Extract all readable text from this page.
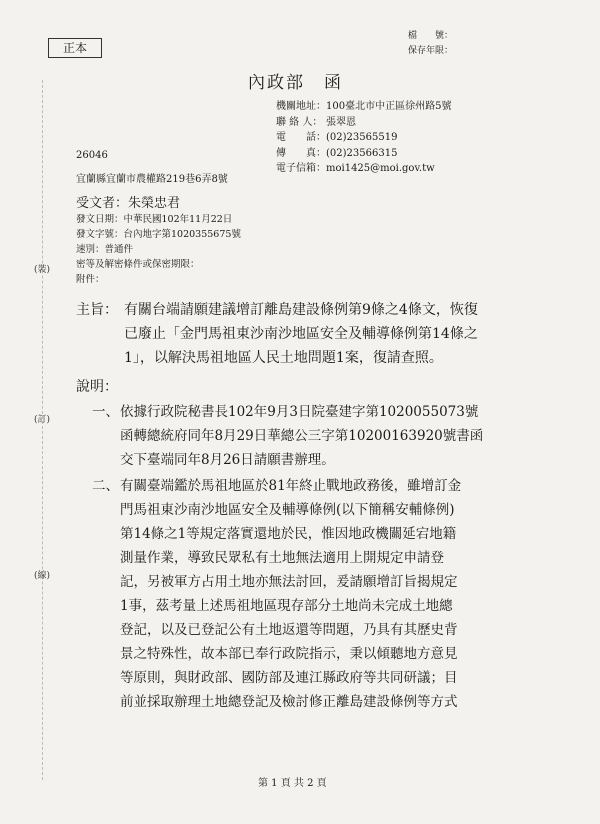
正本
檔　　號：
保存年限：
內政部　函
機關地址：100臺北市中正區徐州路5號
聯 絡 人： 張翠恩
電　　話：(02)23565519
傳　　真：(02)23566315
電子信箱：moi1425@moi.gov.tw
26046
宜蘭縣宜蘭市農權路219巷6弄8號
受文者：朱榮忠君
發文日期：中華民國102年11月22日
發文字號：台內地字第1020355675號
速別：普通件
密等及解密條件或保密期限：
附件：
(裝)
(訂)
(線)
主旨： 有關台端請願建議增訂離島建設條例第9條之4條文，恢復
已廢止「金門馬祖東沙南沙地區安全及輔導條例第14條之
1」，以解決馬祖地區人民土地問題1案，復請查照。
說明：
一、 依據行政院秘書長102年9月3日院臺建字第1020055073號
函轉總統府同年8月29日華總公三字第10200163920號書函
交下臺端同年8月26日請願書辦理。
二、 有關臺端鑑於馬祖地區於81年終止戰地政務後，雖增訂金
門馬祖東沙南沙地區安全及輔導條例(以下簡稱安輔條例)
第14條之1等規定落實還地於民，惟因地政機關延宕地籍
測量作業，導致民眾私有土地無法適用上開規定申請登
記，另被軍方占用土地亦無法討回，爰請願增訂旨揭規定
1事，茲考量上述馬祖地區現存部分土地尚未完成土地總
登記，以及已登記公有土地返還等問題，乃具有其歷史背
景之特殊性，故本部已奉行政院指示，秉以傾聽地方意見
等原則，與財政部、國防部及連江縣政府等共同研議；目
前並採取辦理土地總登記及檢討修正離島建設條例等方式
第 1 頁 共 2 頁
